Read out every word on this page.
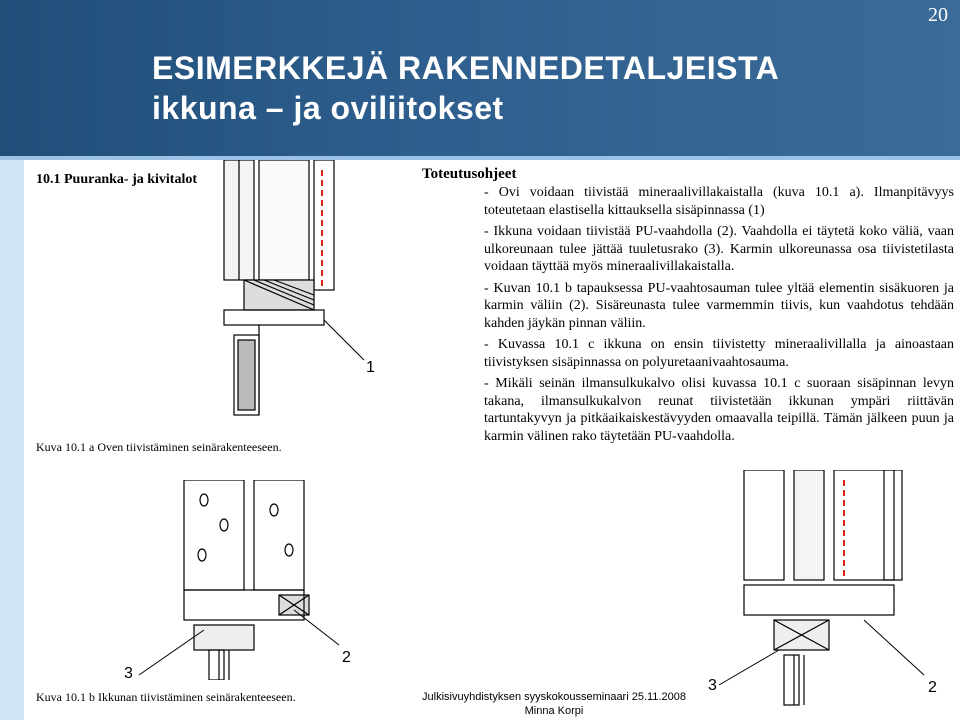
ESIMERKKEJÄ RAKENNEDETALJEISTA
ikkuna – ja oviliitokset
20
10.1 Puuranka- ja kivitalot
1
Kuva 10.1 a Oven tiivistäminen seinärakenteeseen.
3
2
Kuva 10.1 b Ikkunan tiivistäminen seinärakenteeseen.
Toteutusohjeet

- Ovi voidaan tiivistää mineraalivillakaistalla (kuva 10.1 a). Ilmanpitävyys toteutetaan elastisella kittauksella sisäpinnassa (1)

- Ikkuna voidaan tiivistää PU-vaahdolla (2). Vaahdolla ei täytetä koko väliä, vaan ulkoreunaan tulee jättää tuuletusrako (3). Karmin ulkoreunassa osa tiivistetilasta voidaan täyttää myös mineraalivillakaistalla.

- Kuvan 10.1 b tapauksessa PU-vaahtosauman tulee yltää elementin sisäkuoren ja karmin väliin (2). Sisäreunasta tulee varmemmin tiivis, kun vaahdotus tehdään kahden jäykän pinnan väliin.

- Kuvassa 10.1 c ikkuna on ensin tiivistetty mineraalivillalla ja ainoastaan tiivistyksen sisäpinnassa on polyuretaanivaahtosauma.

- Mikäli seinän ilmansulkukalvo olisi kuvassa 10.1 c suoraan sisäpinnan levyn takana, ilmansulkukalvon reunat tiivistetään ikkunan ympäri riittävän tartuntakyvyn ja pitkäaikaiskestävyyden omaavalla teipillä. Tämän jälkeen puun ja karmin välinen rako täytetään PU-vaahdolla.

3	2
Julkisivuyhdistyksen syyskokousseminaari 25.11.2008
Minna Korpi
